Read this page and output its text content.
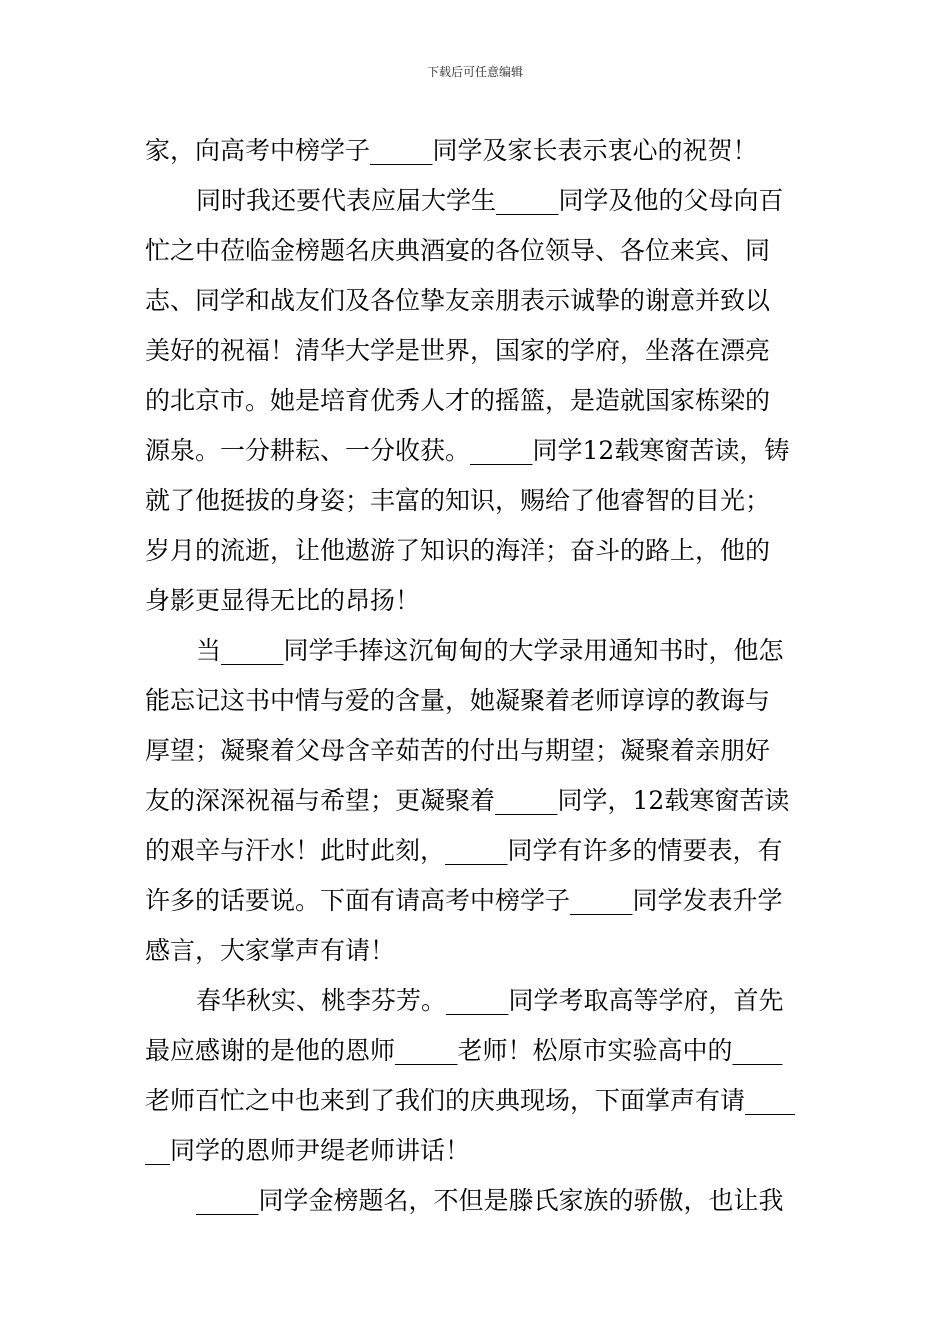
下载后可任意编辑
家，向高考中榜学子_____同学及家长表示衷心的祝贺！
同时我还要代表应届大学生_____同学及他的父母向百
忙之中莅临金榜题名庆典酒宴的各位领导、各位来宾、同
志、同学和战友们及各位挚友亲朋表示诚挚的谢意并致以
美好的祝福！清华大学是世界，国家的学府，坐落在漂亮
的北京市。她是培育优秀人才的摇篮，是造就国家栋梁的
源泉。一分耕耘、一分收获。_____同学12载寒窗苦读，铸
就了他挺拔的身姿；丰富的知识，赐给了他睿智的目光；
岁月的流逝，让他遨游了知识的海洋；奋斗的路上，他的
身影更显得无比的昂扬！
当_____同学手捧这沉甸甸的大学录用通知书时，他怎
能忘记这书中情与爱的含量，她凝聚着老师谆谆的教诲与
厚望；凝聚着父母含辛茹苦的付出与期望；凝聚着亲朋好
友的深深祝福与希望；更凝聚着_____同学，12载寒窗苦读
的艰辛与汗水！此时此刻，_____同学有许多的情要表，有
许多的话要说。下面有请高考中榜学子_____同学发表升学
感言，大家掌声有请！
春华秋实、桃李芬芳。_____同学考取高等学府，首先
最应感谢的是他的恩师_____老师！松原市实验高中的____
老师百忙之中也来到了我们的庆典现场，下面掌声有请____
__同学的恩师尹缇老师讲话！
_____同学金榜题名，不但是滕氏家族的骄傲，也让我
